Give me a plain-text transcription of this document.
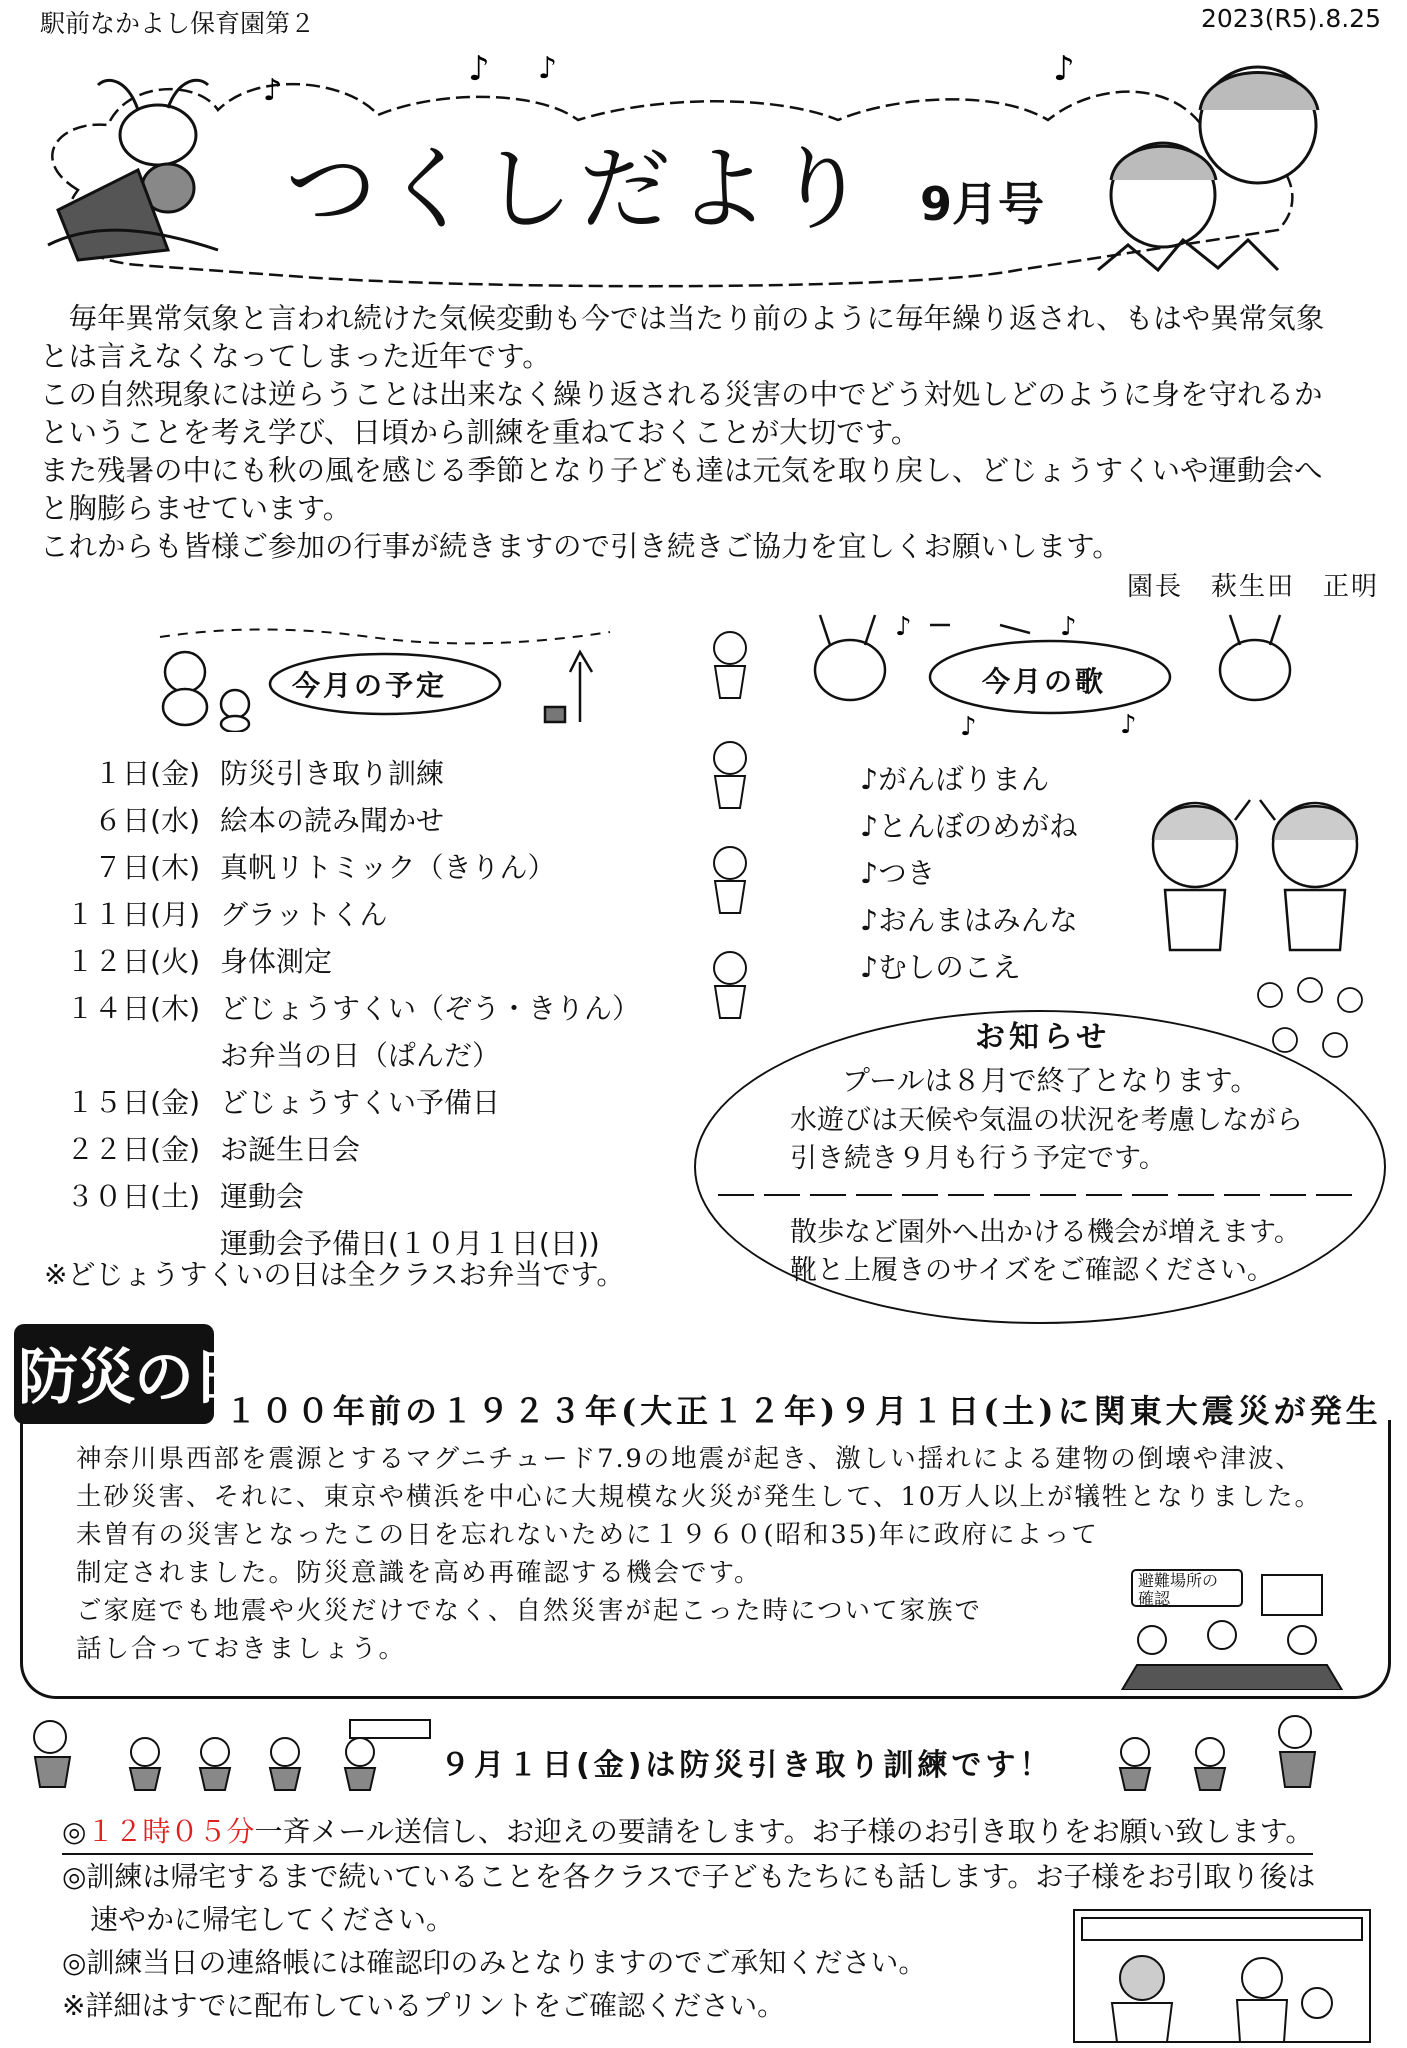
駅前なかよし保育園第２	2023(R5).8.25
♪ ♪	♪
♪
つくしだより 9月号

　毎年異常気象と言われ続けた気候変動も今では当たり前のように毎年繰り返され、もはや異常気象

とは言えなくなってしまった近年です。

この自然現象には逆らうことは出来なく繰り返される災害の中でどう対処しどのように身を守れるか

ということを考え学び、日頃から訓練を重ねておくことが大切です。

また残暑の中にも秋の風を感じる季節となり子ども達は元気を取り戻し、どじょうすくいや運動会へ

と胸膨らませています。

これからも皆様ご参加の行事が続きますので引き続きご協力を宜しくお願いします。

園長　萩生田　正明
今月の予定
１日(金) 防災引き取り訓練
６日(水) 絵本の読み聞かせ
７日(木) 真帆リトミック（きりん）
１１日(月) グラットくん
１２日(火) 身体測定
１４日(木) どじょうすくい（ぞう・きりん）
お弁当の日（ぱんだ）
１５日(金) どじょうすくい予備日
２２日(金) お誕生日会
３０日(土) 運動会
運動会予備日(１０月１日(日))
※どじょうすくいの日は全クラスお弁当です。
♪	♪
♪
♪
今月の歌
♪がんばりまん
♪とんぼのめがね
♪つき
♪おんまはみんな
♪むしのこえ
お知らせ
プールは８月で終了となります。
水遊びは天候や気温の状況を考慮しながら
引き続き９月も行う予定です。
散歩など園外へ出かける機会が増えます。
靴と上履きのサイズをご確認ください。
防災の日
１００年前の１９２３年(大正１２年)９月１日(土)に関東大震災が発生
神奈川県西部を震源とするマグニチュード7.9の地震が起き、激しい揺れによる建物の倒壊や津波、
土砂災害、それに、東京や横浜を中心に大規模な火災が発生して、10万人以上が犠牲となりました。
未曽有の災害となったこの日を忘れないために１９６０(昭和35)年に政府によって
制定されました。防災意識を高め再確認する機会です。
ご家庭でも地震や火災だけでなく、自然災害が起こった時について家族で
話し合っておきましょう。
避難場所の確認
９月１日(金)は防災引き取り訓練です！
◎１２時０５分一斉メール送信し、お迎えの要請をします。お子様のお引き取りをお願い致します。
◎訓練は帰宅するまで続いていることを各クラスで子どもたちにも話します。お子様をお引取り後は
　速やかに帰宅してください。
◎訓練当日の連絡帳には確認印のみとなりますのでご承知ください。
※詳細はすでに配布しているプリントをご確認ください。
